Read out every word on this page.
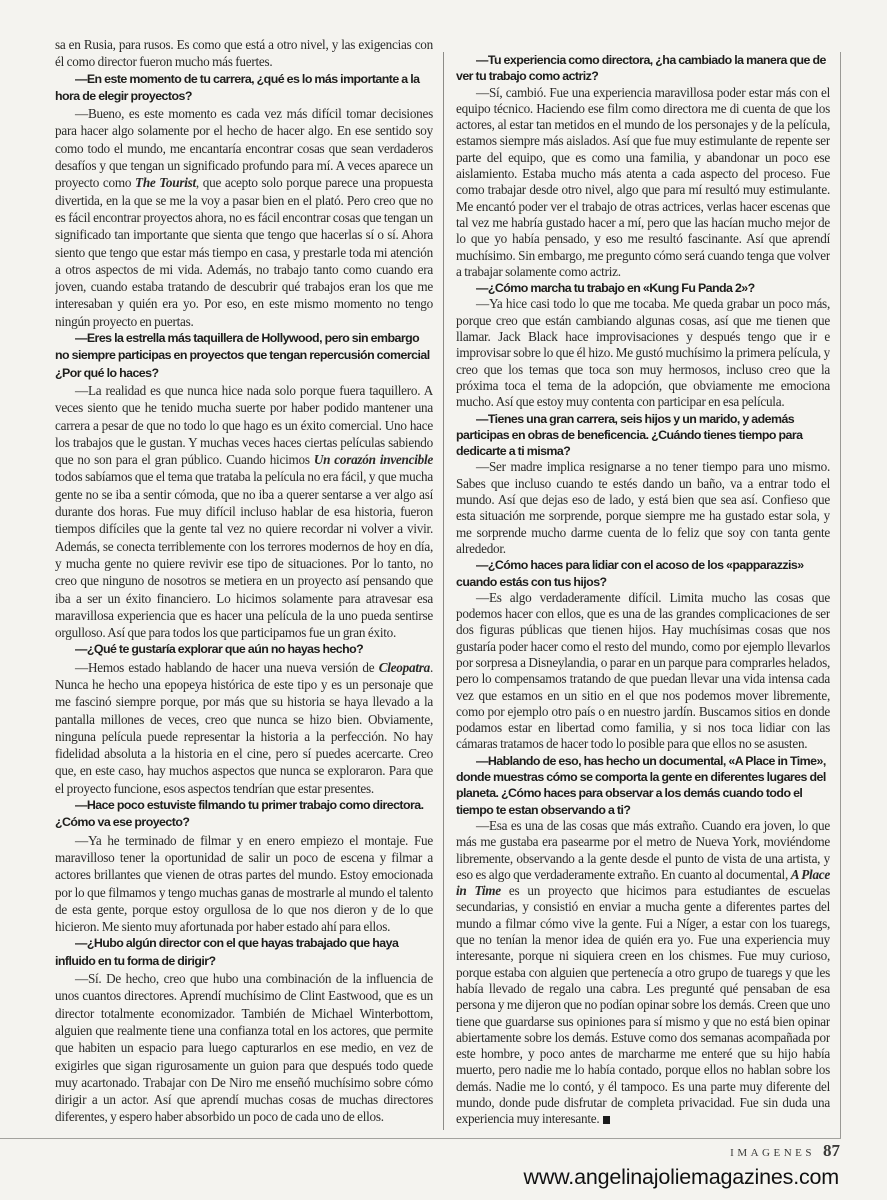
sa en Rusia, para rusos. Es como que está a otro nivel, y las exigencias con él como director fueron mucho más fuertes.

—En este momento de tu carrera, ¿qué es lo más importante a la hora de elegir proyectos?

—Bueno, es este momento es cada vez más difícil tomar decisiones para hacer algo solamente por el hecho de hacer algo. En ese sentido soy como todo el mundo, me encantaría encontrar cosas que sean verdaderos desafíos y que tengan un significado profundo para mí. A veces aparece un proyecto como The Tourist, que acepto solo porque parece una propuesta divertida, en la que se me la voy a pasar bien en el plató. Pero creo que no es fácil encontrar proyectos ahora, no es fácil encontrar cosas que tengan un significado tan importante que sienta que tengo que hacerlas sí o sí. Ahora siento que tengo que estar más tiempo en casa, y prestarle toda mi atención a otros aspectos de mi vida. Además, no trabajo tanto como cuando era joven, cuando estaba tratando de descubrir qué trabajos eran los que me interesaban y quién era yo. Por eso, en este mismo momento no tengo ningún proyecto en puertas.

—Eres la estrella más taquillera de Hollywood, pero sin embargo no siempre participas en proyectos que tengan repercusión comercial ¿Por qué lo haces?

—La realidad es que nunca hice nada solo porque fuera taquillero. A veces siento que he tenido mucha suerte por haber podido mantener una carrera a pesar de que no todo lo que hago es un éxito comercial. Uno hace los trabajos que le gustan. Y muchas veces haces ciertas películas sabiendo que no son para el gran público. Cuando hicimos Un corazón invencible todos sabíamos que el tema que trataba la película no era fácil, y que mucha gente no se iba a sentir cómoda, que no iba a querer sentarse a ver algo así durante dos horas. Fue muy difícil incluso hablar de esa historia, fueron tiempos difíciles que la gente tal vez no quiere recordar ni volver a vivir. Además, se conecta terriblemente con los terrores modernos de hoy en día, y mucha gente no quiere revivir ese tipo de situaciones. Por lo tanto, no creo que ninguno de nosotros se metiera en un proyecto así pensando que iba a ser un éxito financiero. Lo hicimos solamente para atravesar esa maravillosa experiencia que es hacer una película de la uno pueda sentirse orgulloso. Así que para todos los que participamos fue un gran éxito.

—¿Qué te gustaría explorar que aún no hayas hecho?

—Hemos estado hablando de hacer una nueva versión de Cleopatra. Nunca he hecho una epopeya histórica de este tipo y es un personaje que me fascinó siempre porque, por más que su historia se haya llevado a la pantalla millones de veces, creo que nunca se hizo bien. Obviamente, ninguna película puede representar la historia a la perfección. No hay fidelidad absoluta a la historia en el cine, pero sí puedes acercarte. Creo que, en este caso, hay muchos aspectos que nunca se exploraron. Para que el proyecto funcione, esos aspectos tendrían que estar presentes.

—Hace poco estuviste filmando tu primer trabajo como directora. ¿Cómo va ese proyecto?

—Ya he terminado de filmar y en enero empiezo el montaje. Fue maravilloso tener la oportunidad de salir un poco de escena y filmar a actores brillantes que vienen de otras partes del mundo. Estoy emocionada por lo que filmamos y tengo muchas ganas de mostrarle al mundo el talento de esta gente, porque estoy orgullosa de lo que nos dieron y de lo que hicieron. Me siento muy afortunada por haber estado ahí para ellos.

—¿Hubo algún director con el que hayas trabajado que haya influido en tu forma de dirigir?

—Sí. De hecho, creo que hubo una combinación de la influencia de unos cuantos directores. Aprendí muchísimo de Clint Eastwood, que es un director totalmente economizador. También de Michael Winterbottom, alguien que realmente tiene una confianza total en los actores, que permite que habiten un espacio para luego capturarlos en ese medio, en vez de exigirles que sigan rigurosamente un guion para que después todo quede muy acartonado. Trabajar con De Niro me enseñó muchísimo sobre cómo dirigir a un actor. Así que aprendí muchas cosas de muchas directores diferentes, y espero haber absorbido un poco de cada uno de ellos.

—Tu experiencia como directora, ¿ha cambiado la manera que de ver tu trabajo como actriz?

—Sí, cambió. Fue una experiencia maravillosa poder estar más con el equipo técnico. Haciendo ese film como directora me di cuenta de que los actores, al estar tan metidos en el mundo de los personajes y de la película, estamos siempre más aislados. Así que fue muy estimulante de repente ser parte del equipo, que es como una familia, y abandonar un poco ese aislamiento. Estaba mucho más atenta a cada aspecto del proceso. Fue como trabajar desde otro nivel, algo que para mí resultó muy estimulante. Me encantó poder ver el trabajo de otras actrices, verlas hacer escenas que tal vez me habría gustado hacer a mí, pero que las hacían mucho mejor de lo que yo había pensado, y eso me resultó fascinante. Así que aprendí muchísimo. Sin embargo, me pregunto cómo será cuando tenga que volver a trabajar solamente como actriz.

—¿Cómo marcha tu trabajo en «Kung Fu Panda 2»?

—Ya hice casi todo lo que me tocaba. Me queda grabar un poco más, porque creo que están cambiando algunas cosas, así que me tienen que llamar. Jack Black hace improvisaciones y después tengo que ir e improvisar sobre lo que él hizo. Me gustó muchísimo la primera película, y creo que los temas que toca son muy hermosos, incluso creo que la próxima toca el tema de la adopción, que obviamente me emociona mucho. Así que estoy muy contenta con participar en esa película.

—Tienes una gran carrera, seis hijos y un marido, y además participas en obras de beneficencia. ¿Cuándo tienes tiempo para dedicarte a ti misma?

—Ser madre implica resignarse a no tener tiempo para uno mismo. Sabes que incluso cuando te estés dando un baño, va a entrar todo el mundo. Así que dejas eso de lado, y está bien que sea así. Confieso que esta situación me sorprende, porque siempre me ha gustado estar sola, y me sorprende mucho darme cuenta de lo feliz que soy con tanta gente alrededor.

—¿Cómo haces para lidiar con el acoso de los «papparazzis» cuando estás con tus hijos?

—Es algo verdaderamente difícil. Limita mucho las cosas que podemos hacer con ellos, que es una de las grandes complicaciones de ser dos figuras públicas que tienen hijos. Hay muchísimas cosas que nos gustaría poder hacer como el resto del mundo, como por ejemplo llevarlos por sorpresa a Disneylandia, o parar en un parque para comprarles helados, pero lo compensamos tratando de que puedan llevar una vida intensa cada vez que estamos en un sitio en el que nos podemos mover libremente, como por ejemplo otro país o en nuestro jardín. Buscamos sitios en donde podamos estar en libertad como familia, y si nos toca lidiar con las cámaras tratamos de hacer todo lo posible para que ellos no se asusten.

—Hablando de eso, has hecho un documental, «A Place in Time», donde muestras cómo se comporta la gente en diferentes lugares del planeta. ¿Cómo haces para observar a los demás cuando todo el tiempo te estan observando a ti?

—Esa es una de las cosas que más extraño. Cuando era joven, lo que más me gustaba era pasearme por el metro de Nueva York, moviéndome libremente, observando a la gente desde el punto de vista de una artista, y eso es algo que verdaderamente extraño. En cuanto al documental, A Place in Time es un proyecto que hicimos para estudiantes de escuelas secundarias, y consistió en enviar a mucha gente a diferentes partes del mundo a filmar cómo vive la gente. Fui a Níger, a estar con los tuaregs, que no tenían la menor idea de quién era yo. Fue una experiencia muy interesante, porque ni siquiera creen en los chismes. Fue muy curioso, porque estaba con alguien que pertenecía a otro grupo de tuaregs y que les había llevado de regalo una cabra. Les pregunté qué pensaban de esa persona y me dijeron que no podían opinar sobre los demás. Creen que uno tiene que guardarse sus opiniones para sí mismo y que no está bien opinar abiertamente sobre los demás. Estuve como dos semanas acompañada por este hombre, y poco antes de marcharme me enteré que su hijo había muerto, pero nadie me lo había contado, porque ellos no hablan sobre los demás. Nadie me lo contó, y él tampoco. Es una parte muy diferente del mundo, donde pude disfrutar de completa privacidad. Fue sin duda una experiencia muy interesante.

IMAGENES 87
www.angelinajoliemagazines.com
